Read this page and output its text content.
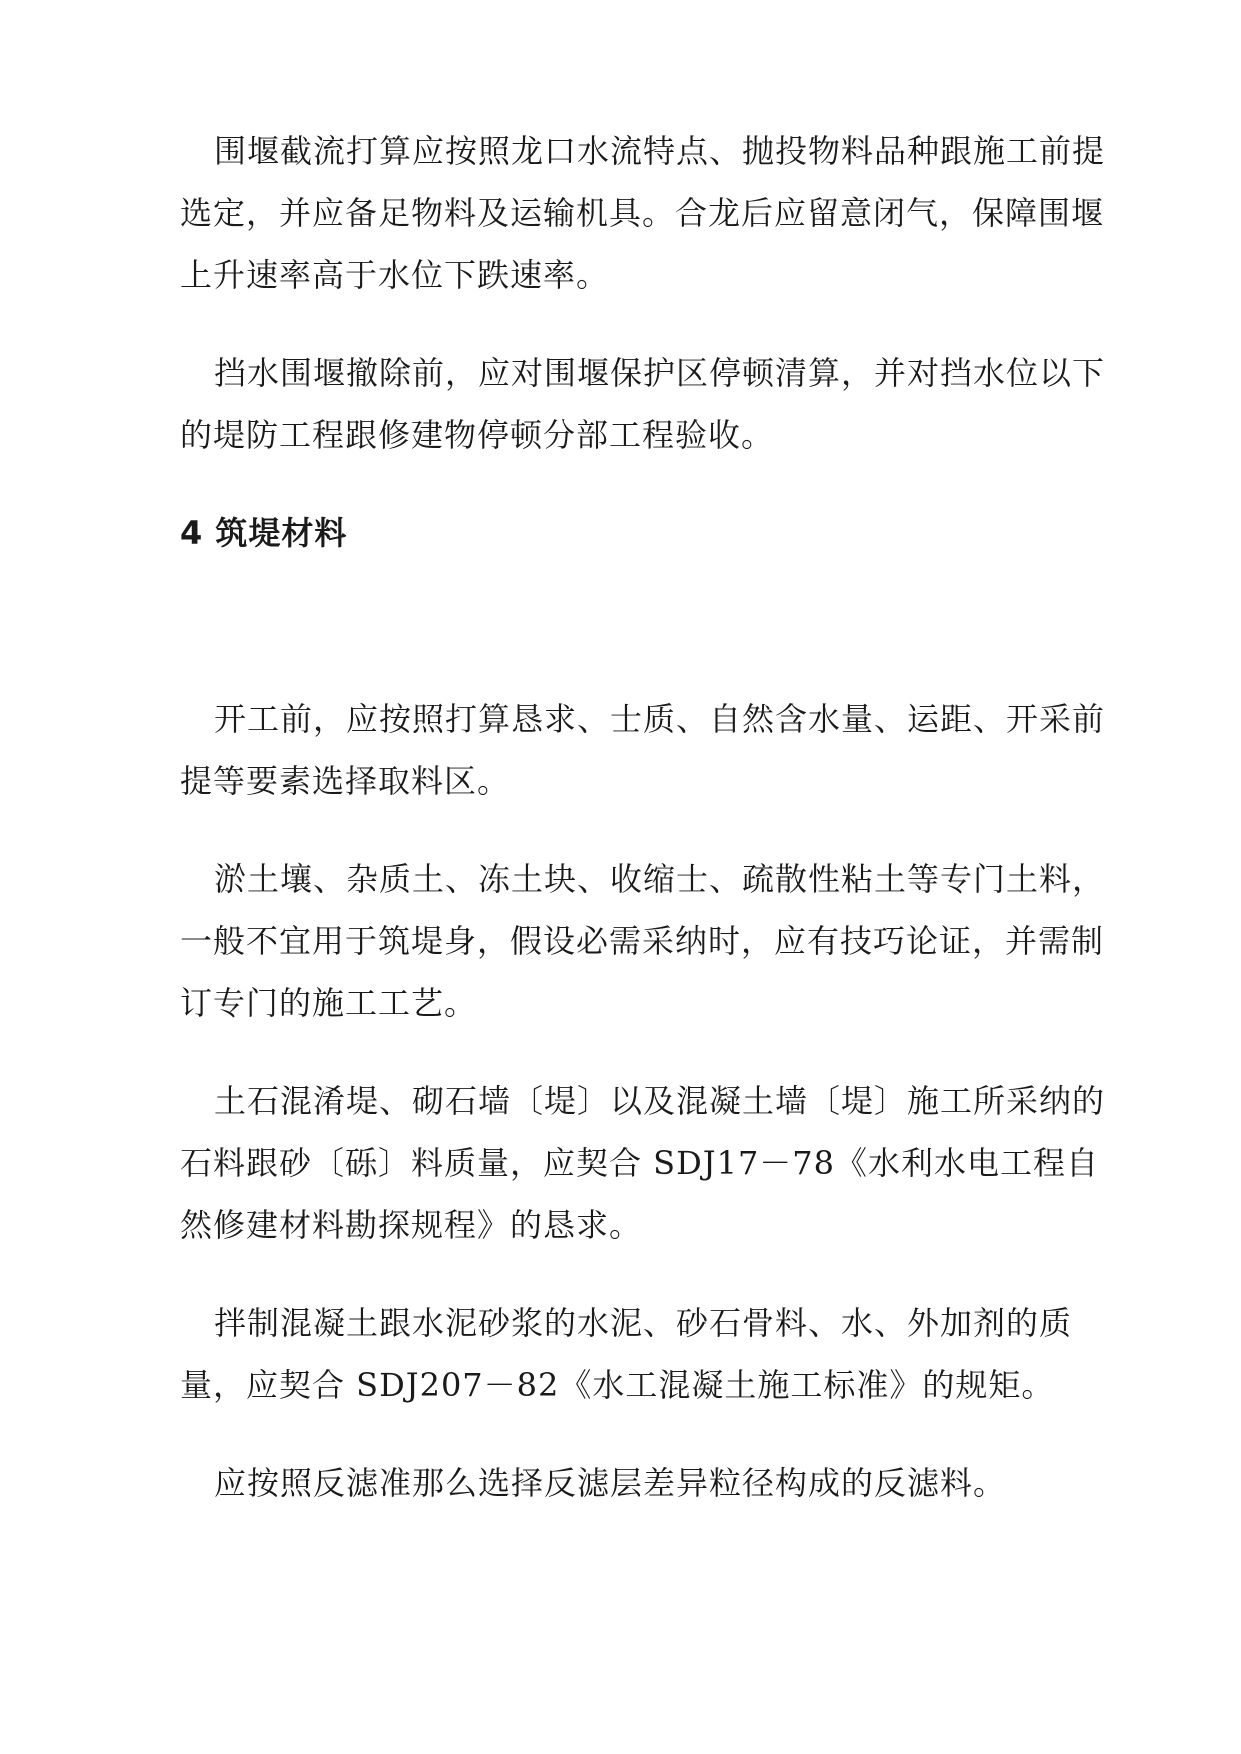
围堰截流打算应按照龙口水流特点、抛投物料品种跟施工前提选定，并应备足物料及运输机具。合龙后应留意闭气，保障围堰上升速率高于水位下跌速率。

挡水围堰撤除前，应对围堰保护区停顿清算，并对挡水位以下的堤防工程跟修建物停顿分部工程验收。

4 筑堤材料

开工前，应按照打算恳求、士质、自然含水量、运距、开采前提等要素选择取料区。

淤土壤、杂质土、冻土块、收缩士、疏散性粘土等专门土料，一般不宜用于筑堤身，假设必需采纳时，应有技巧论证，并需制订专门的施工工艺。

土石混淆堤、砌石墙〔堤〕以及混凝土墙〔堤〕施工所采纳的石料跟砂〔砾〕料质量，应契合 SDJ17－78《水利水电工程自然修建材料勘探规程》的恳求。

拌制混凝土跟水泥砂浆的水泥、砂石骨料、水、外加剂的质量，应契合 SDJ207－82《水工混凝土施工标准》的规矩。

应按照反滤准那么选择反滤层差异粒径构成的反滤料。
